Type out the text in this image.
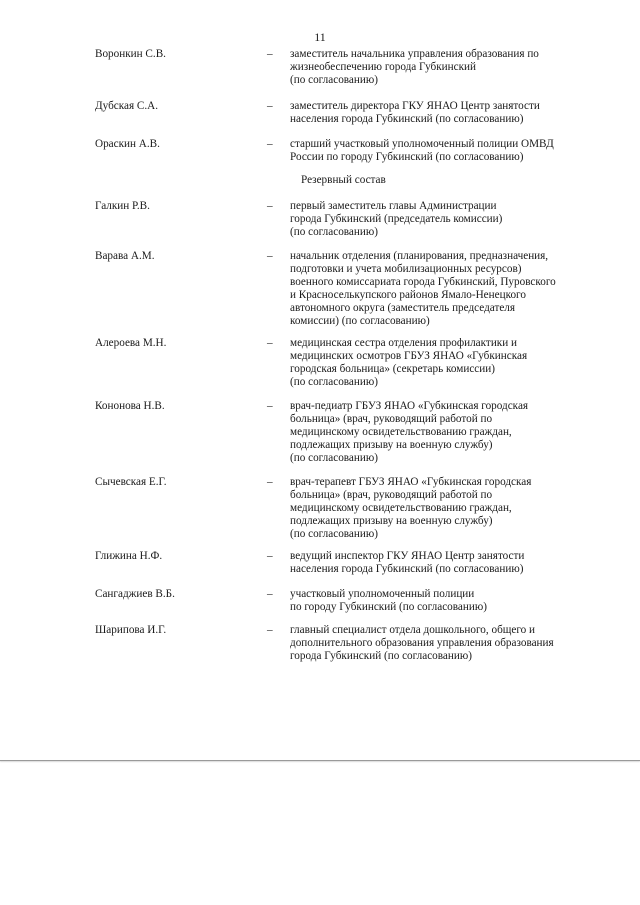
11
Воронкин С.В.	–	заместитель начальника управления образования по
жизнеобеспечению города Губкинский
(по согласованию)
Дубская С.А.	–	заместитель директора ГКУ ЯНАО Центр занятости
населения города Губкинский (по согласованию)
Ораскин А.В.	–	старший участковый уполномоченный полиции ОМВД
России по городу Губкинский (по согласованию)
Резервный состав
Галкин Р.В.	–	первый заместитель главы Администрации
города Губкинский (председатель комиссии)
(по согласованию)
Варава А.М.	–	начальник отделения (планирования, предназначения,
подготовки и учета мобилизационных ресурсов)
военного комиссариата города Губкинский, Пуровского
и Красноселькупского районов Ямало-Ненецкого
автономного округа (заместитель председателя
комиссии) (по согласованию)
Алероева М.Н.	–	медицинская сестра отделения профилактики и
медицинских осмотров ГБУЗ ЯНАО «Губкинская
городская больница» (секретарь комиссии)
(по согласованию)
Кононова Н.В.	–	врач-педиатр ГБУЗ ЯНАО «Губкинская городская
больница» (врач, руководящий работой по
медицинскому освидетельствованию граждан,
подлежащих призыву на военную службу)
(по согласованию)
Сычевская Е.Г.	–	врач-терапевт ГБУЗ ЯНАО «Губкинская городская
больница» (врач, руководящий работой по
медицинскому освидетельствованию граждан,
подлежащих призыву на военную службу)
(по согласованию)
Глижина Н.Ф.	–	ведущий инспектор ГКУ ЯНАО Центр занятости
населения города Губкинский (по согласованию)
Сангаджиев В.Б.	–	участковый уполномоченный полиции
по городу Губкинский (по согласованию)
Шарипова И.Г.	–	главный специалист отдела дошкольного, общего и
дополнительного образования управления образования
города Губкинский (по согласованию)
